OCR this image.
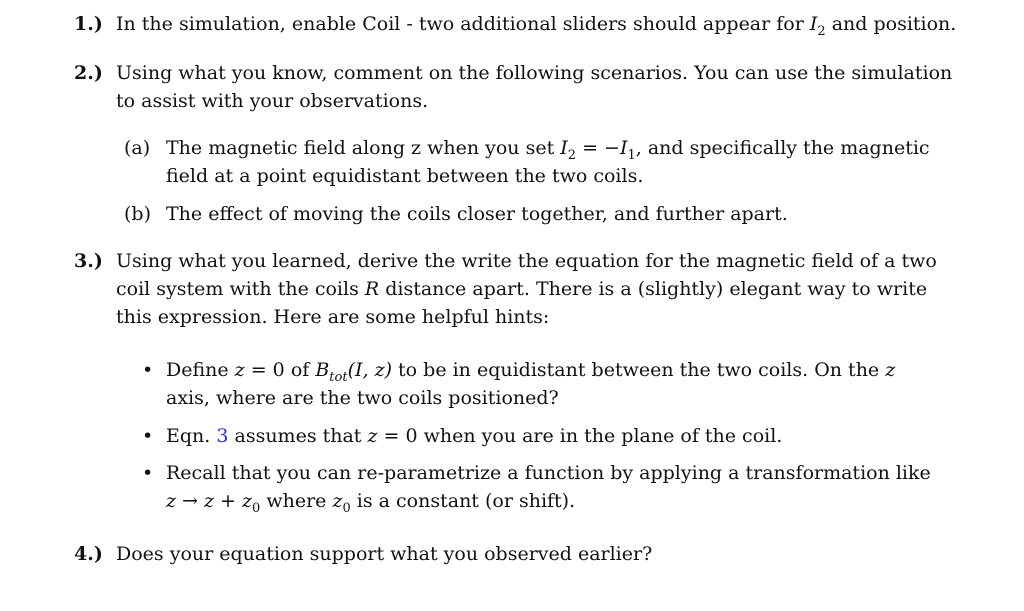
1.) In the simulation, enable Coil - two additional sliders should appear for $I_2$ and position.
2.) Using what you know, comment on the following scenarios. You can use the simulation
to assist with your observations.
(a) The magnetic field along z when you set $I_2 = -I_1$, and specifically the magnetic
field at a point equidistant between the two coils.
(b) The effect of moving the coils closer together, and further apart.
3.) Using what you learned, derive the write the equation for the magnetic field of a two
coil system with the coils R distance apart. There is a (slightly) elegant way to write
this expression. Here are some helpful hints:
• Define z = 0 of $B_{tot}(I$, z) to be in equidistant between the two coils. On the z
axis, where are the two coils positioned?
• Eqn. 3 assumes that z = 0 when you are in the plane of the coil.
• Recall that you can re-parametrize a function by applying a transformation like
$z \to z + z_0$ where $z_0$ is a constant (or shift).
4.) Does your equation support what you observed earlier?
